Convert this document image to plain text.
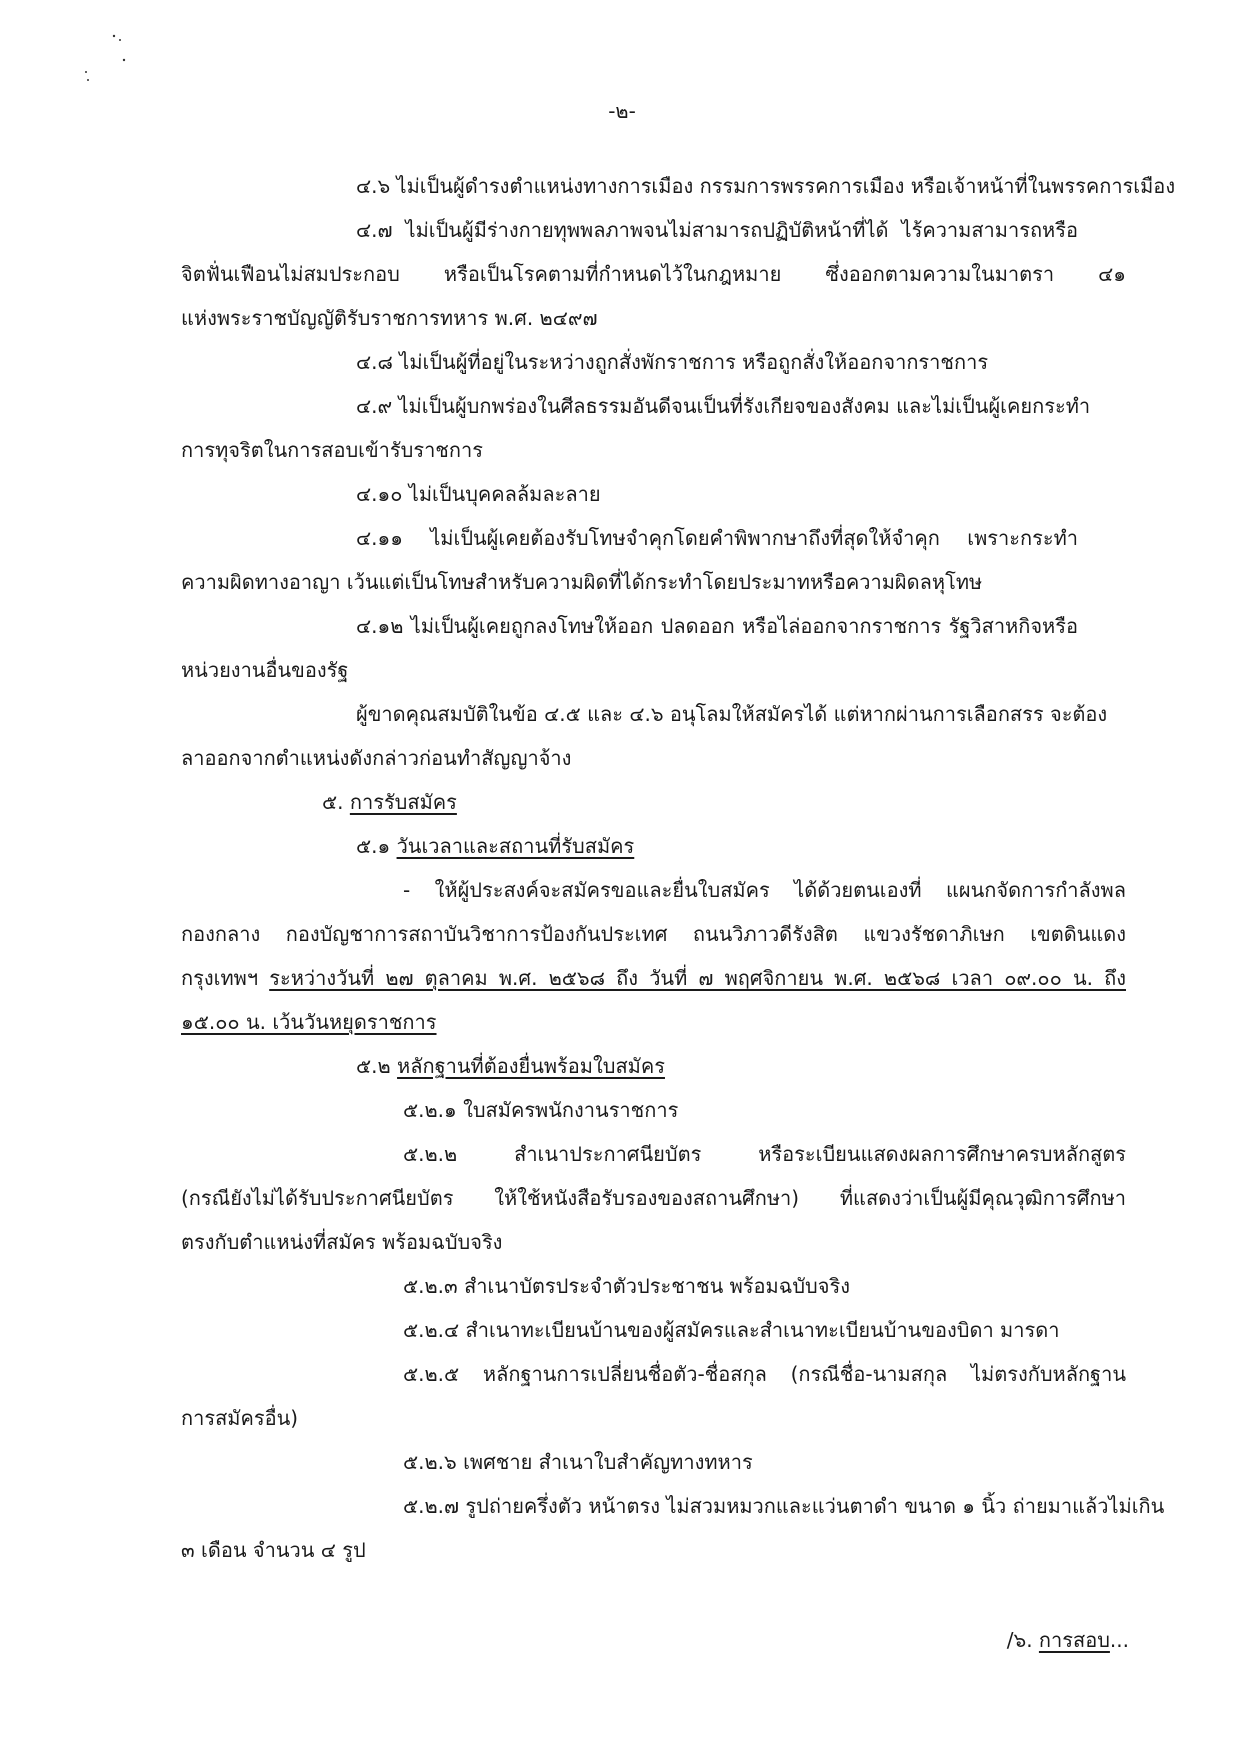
-๒-
๔.๖ ไม่เป็นผู้ดำรงตำแหน่งทางการเมือง กรรมการพรรคการเมือง หรือเจ้าหน้าที่ในพรรคการเมือง
๔.๗ ไม่เป็นผู้มีร่างกายทุพพลภาพจนไม่สามารถปฏิบัติหน้าที่ได้ ไร้ความสามารถหรือ
จิตฟั่นเฟือนไม่สมประกอบ หรือเป็นโรคตามที่กำหนดไว้ในกฎหมาย ซึ่งออกตามความในมาตรา ๔๑
แห่งพระราชบัญญัติรับราชการทหาร พ.ศ. ๒๔๙๗
๔.๘ ไม่เป็นผู้ที่อยู่ในระหว่างถูกสั่งพักราชการ หรือถูกสั่งให้ออกจากราชการ
๔.๙ ไม่เป็นผู้บกพร่องในศีลธรรมอันดีจนเป็นที่รังเกียจของสังคม และไม่เป็นผู้เคยกระทำ
การทุจริตในการสอบเข้ารับราชการ
๔.๑๐ ไม่เป็นบุคคลล้มละลาย
๔.๑๑ ไม่เป็นผู้เคยต้องรับโทษจำคุกโดยคำพิพากษาถึงที่สุดให้จำคุก เพราะกระทำ
ความผิดทางอาญา เว้นแต่เป็นโทษสำหรับความผิดที่ได้กระทำโดยประมาทหรือความผิดลหุโทษ
๔.๑๒ ไม่เป็นผู้เคยถูกลงโทษให้ออก ปลดออก หรือไล่ออกจากราชการ รัฐวิสาหกิจหรือ
หน่วยงานอื่นของรัฐ
ผู้ขาดคุณสมบัติในข้อ ๔.๕ และ ๔.๖ อนุโลมให้สมัครได้ แต่หากผ่านการเลือกสรร จะต้อง
ลาออกจากตำแหน่งดังกล่าวก่อนทำสัญญาจ้าง
๕. การรับสมัคร
๕.๑ วันเวลาและสถานที่รับสมัคร
- ให้ผู้ประสงค์จะสมัครขอและยื่นใบสมัคร ได้ด้วยตนเองที่ แผนกจัดการกำลังพล
กองกลาง กองบัญชาการสถาบันวิชาการป้องกันประเทศ ถนนวิภาวดีรังสิต แขวงรัชดาภิเษก เขตดินแดง
กรุงเทพฯ ระหว่างวันที่ ๒๗ ตุลาคม พ.ศ. ๒๕๖๘ ถึง วันที่ ๗ พฤศจิกายน พ.ศ. ๒๕๖๘ เวลา ๐๙.๐๐ น. ถึง
๑๕.๐๐ น. เว้นวันหยุดราชการ
๕.๒ หลักฐานที่ต้องยื่นพร้อมใบสมัคร
๕.๒.๑ ใบสมัครพนักงานราชการ
๕.๒.๒ สำเนาประกาศนียบัตร หรือระเบียนแสดงผลการศึกษาครบหลักสูตร
(กรณียังไม่ได้รับประกาศนียบัตร ให้ใช้หนังสือรับรองของสถานศึกษา) ที่แสดงว่าเป็นผู้มีคุณวุฒิการศึกษา
ตรงกับตำแหน่งที่สมัคร พร้อมฉบับจริง
๕.๒.๓ สำเนาบัตรประจำตัวประชาชน พร้อมฉบับจริง
๕.๒.๔ สำเนาทะเบียนบ้านของผู้สมัครและสำเนาทะเบียนบ้านของบิดา มารดา
๕.๒.๕ หลักฐานการเปลี่ยนชื่อตัว-ชื่อสกุล (กรณีชื่อ-นามสกุล ไม่ตรงกับหลักฐาน
การสมัครอื่น)
๕.๒.๖ เพศชาย สำเนาใบสำคัญทางทหาร
๕.๒.๗ รูปถ่ายครึ่งตัว หน้าตรง ไม่สวมหมวกและแว่นตาดำ ขนาด ๑ นิ้ว ถ่ายมาแล้วไม่เกิน
๓ เดือน จำนวน ๔ รูป
/๖. การสอบ...
